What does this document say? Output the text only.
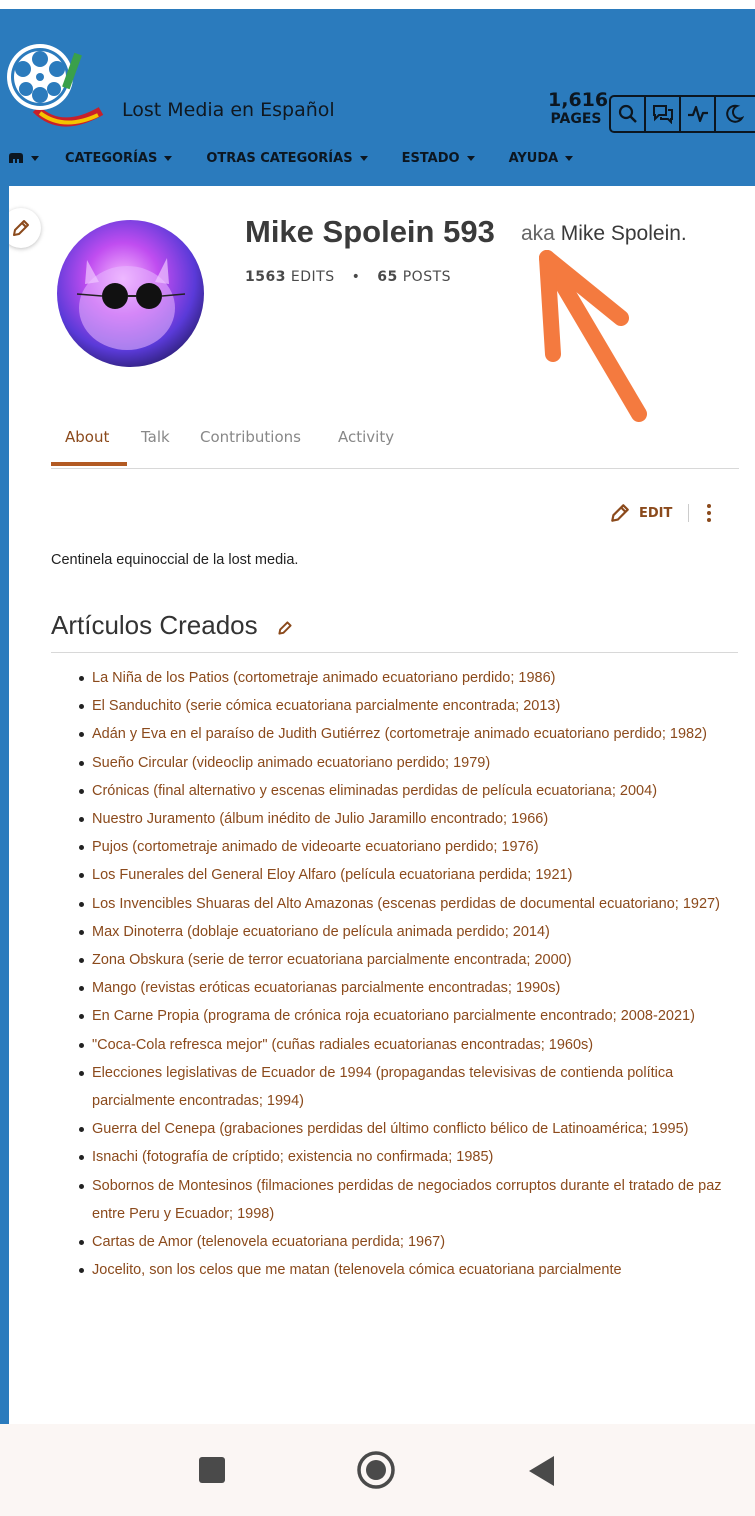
Lost Media en Español	1,616
PAGES
CATEGORÍAS	OTRAS CATEGORÍAS	ESTADO	AYUDA
Mike Spolein 593 aka Mike Spolein.
1563 EDITS • 65 POSTS
About Talk Contributions Activity
EDIT
Centinela equinoccial de la lost media.
Artículos Creados
La Niña de los Patios (cortometraje animado ecuatoriano perdido; 1986)
El Sanduchito (serie cómica ecuatoriana parcialmente encontrada; 2013)
Adán y Eva en el paraíso de Judith Gutiérrez (cortometraje animado ecuatoriano perdido; 1982)
Sueño Circular (videoclip animado ecuatoriano perdido; 1979)
Crónicas (final alternativo y escenas eliminadas perdidas de película ecuatoriana; 2004)
Nuestro Juramento (álbum inédito de Julio Jaramillo encontrado; 1966)
Pujos (cortometraje animado de videoarte ecuatoriano perdido; 1976)
Los Funerales del General Eloy Alfaro (película ecuatoriana perdida; 1921)
Los Invencibles Shuaras del Alto Amazonas (escenas perdidas de documental ecuatoriano; 1927)
Max Dinoterra (doblaje ecuatoriano de película animada perdido; 2014)
Zona Obskura (serie de terror ecuatoriana parcialmente encontrada; 2000)
Mango (revistas eróticas ecuatorianas parcialmente encontradas; 1990s)
En Carne Propia (programa de crónica roja ecuatoriano parcialmente encontrado; 2008-2021)
"Coca-Cola refresca mejor" (cuñas radiales ecuatorianas encontradas; 1960s)
Elecciones legislativas de Ecuador de 1994 (propagandas televisivas de contienda política parcialmente encontradas; 1994)
Guerra del Cenepa (grabaciones perdidas del último conflicto bélico de Latinoamérica; 1995)
Isnachi (fotografía de críptido; existencia no confirmada; 1985)
Sobornos de Montesinos (filmaciones perdidas de negociados corruptos durante el tratado de paz entre Peru y Ecuador; 1998)
Cartas de Amor (telenovela ecuatoriana perdida; 1967)
Jocelito, son los celos que me matan (telenovela cómica ecuatoriana parcialmente
